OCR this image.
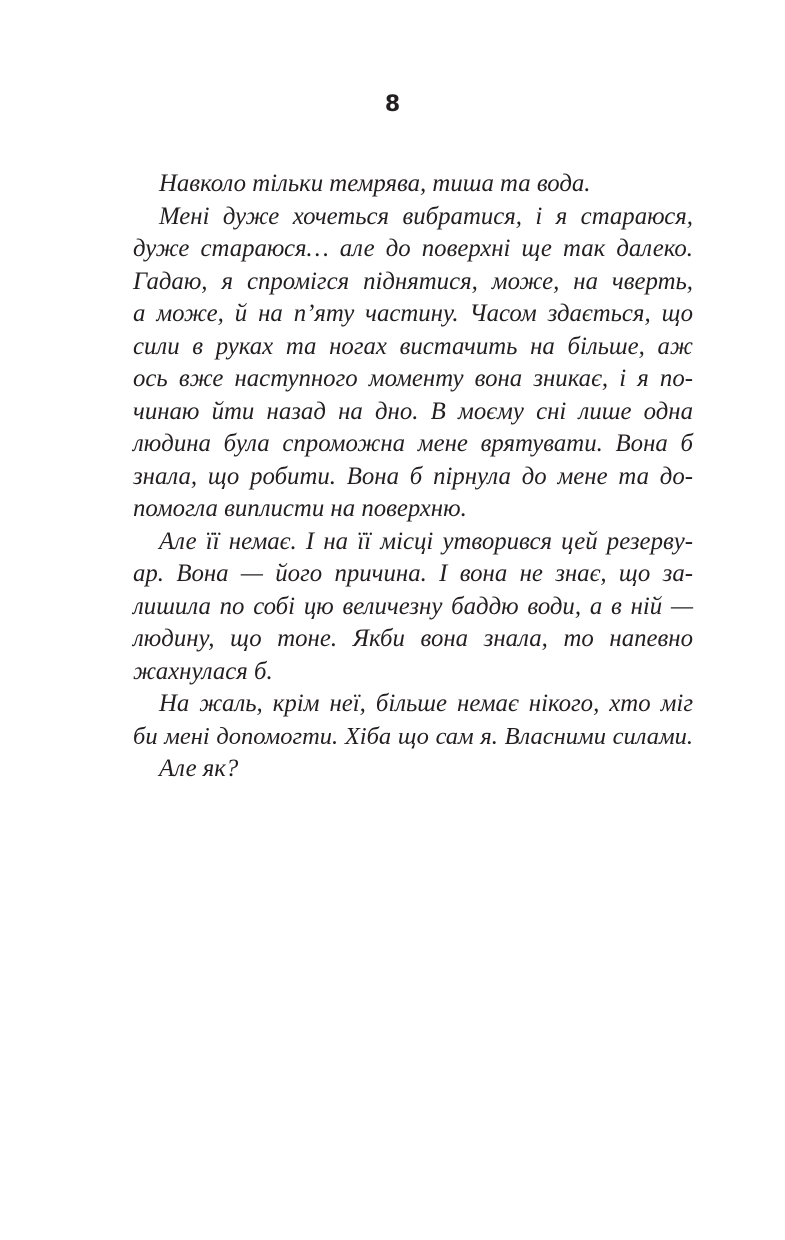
8
Навколо тільки темрява, тиша та вода.
Мені дуже хочеться вибратися, і я стараюся,
дуже стараюся… але до поверхні ще так далеко.
Гадаю, я спромігся піднятися, може, на чверть,
а може, й на п’яту частину. Часом здається, що
сили в руках та ногах вистачить на більше, аж
ось вже наступного моменту вона зникає, і я по-
чинаю йти назад на дно. В моєму сні лише одна
людина була спроможна мене врятувати. Вона б
знала, що робити. Вона б пірнула до мене та до-
помогла виплисти на поверхню.
Але її немає. І на її місці утворився цей резерву-
ар. Вона — його причина. І вона не знає, що за-
лишила по собі цю величезну баддю води, а в ній —
людину, що тоне. Якби вона знала, то напевно
жахнулася б.
На жаль, крім неї, більше немає нікого, хто міг
би мені допомогти. Хіба що сам я. Власними силами.
Але як?
